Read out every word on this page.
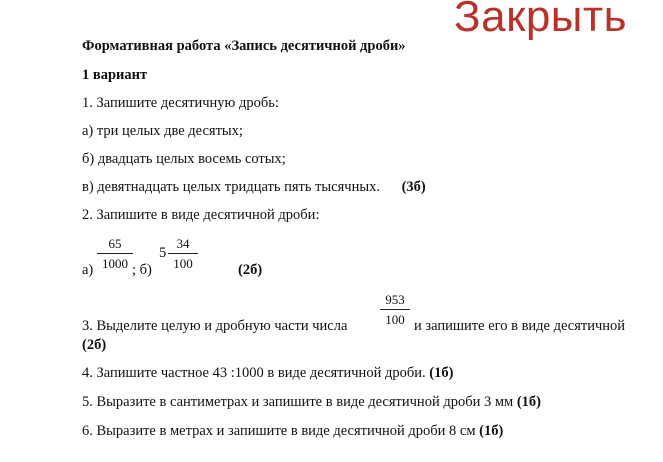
Закрыть
Формативная работа «Запись десятичной дроби»
1 вариант
1. Запишите десятичную дробь:
а) три целых две десятых;
б) двадцать целых восемь сотых;
в) девятнадцать целых тридцать пять тысячных. (3б)
2. Запишите в виде десятичной дроби:
$а) \frac{65}{1000}$ ; б)
$5 \frac{34}{100}$	(2б)
3. Выделите целую и дробную части числа	$\frac{953}{100}$ и запишите его в виде десятичной
(2б)
4. Запишите частное 43 :1000 в виде десятичной дроби. (1б)
5. Выразите в сантиметрах и запишите в виде десятичной дроби 3 мм (1б)
6. Выразите в метрах и запишите в виде десятичной дроби 8 см (1б)
